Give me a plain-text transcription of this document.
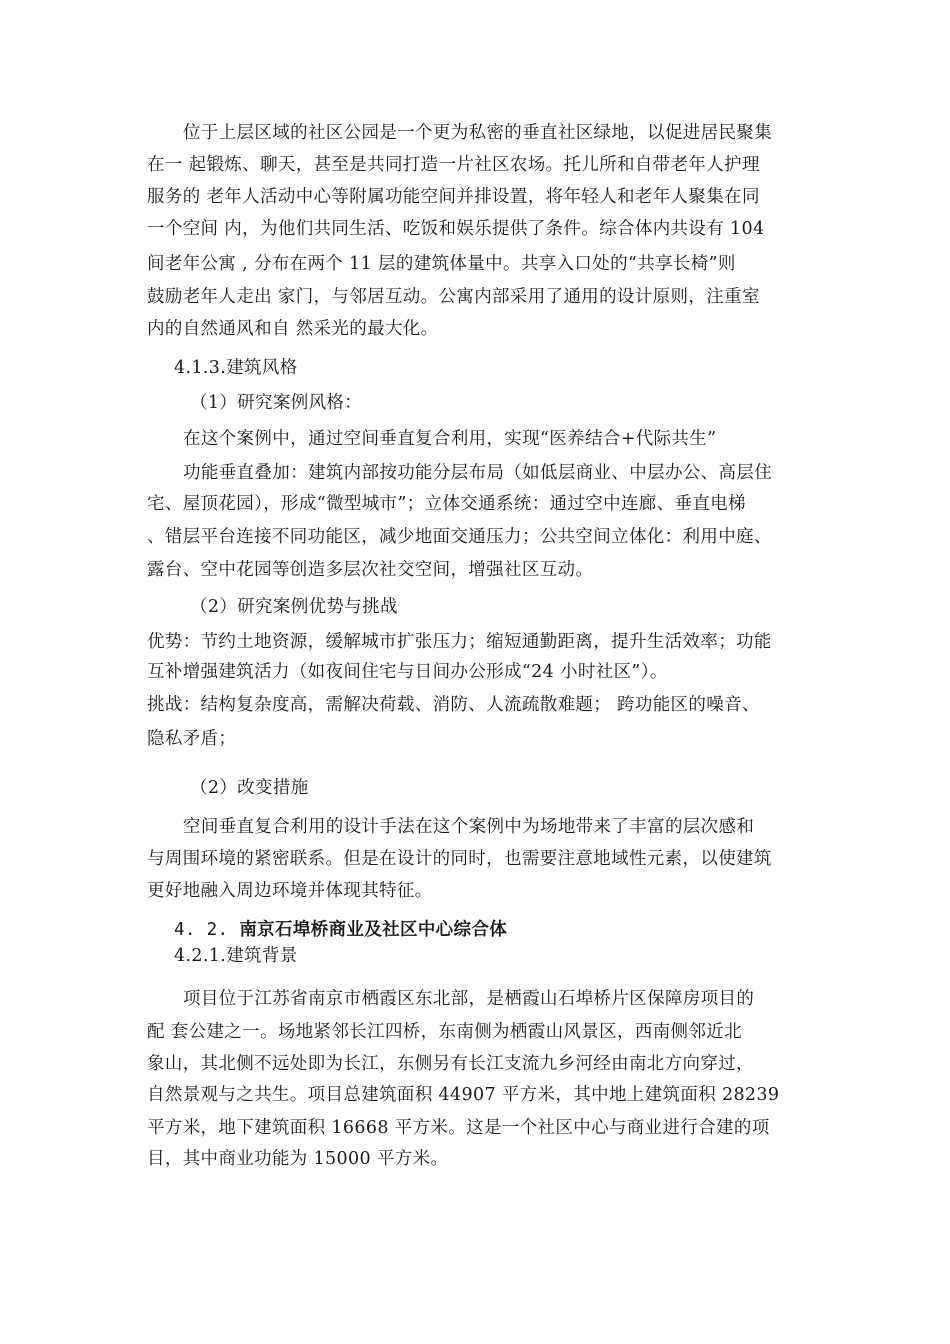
位于上层区域的社区公园是一个更为私密的垂直社区绿地，以促进居民聚集
在一 起锻炼、聊天，甚至是共同打造一片社区农场。托儿所和自带老年人护理
服务的 老年人活动中心等附属功能空间并排设置，将年轻人和老年人聚集在同
一个空间 内，为他们共同生活、吃饭和娱乐提供了条件。综合体内共设有 104
间老年公寓 , 分布在两个 11 层的建筑体量中。共享入口处的“共享长椅”则
鼓励老年人走出 家门，与邻居互动。公寓内部采用了通用的设计原则，注重室
内的自然通风和自 然采光的最大化。
4.1.3.建筑风格
（1）研究案例风格：
在这个案例中，通过空间垂直复合利用，实现“医养结合+代际共生”
功能垂直叠加：建筑内部按功能分层布局（如低层商业、中层办公、高层住
宅、屋顶花园），形成“微型城市”；立体交通系统：通过空中连廊、垂直电梯
、错层平台连接不同功能区，减少地面交通压力；公共空间立体化：利用中庭、
露台、空中花园等创造多层次社交空间，增强社区互动。
（2）研究案例优势与挑战
优势：节约土地资源，缓解城市扩张压力；缩短通勤距离，提升生活效率；功能
互补增强建筑活力（如夜间住宅与日间办公形成“24 小时社区”）。
挑战：结构复杂度高，需解决荷载、消防、人流疏散难题； 跨功能区的噪音、
隐私矛盾；
（2）改变措施
空间垂直复合利用的设计手法在这个案例中为场地带来了丰富的层次感和
与周围环境的紧密联系。但是在设计的同时，也需要注意地域性元素，以使建筑
更好地融入周边环境并体现其特征。
4. 2. 南京石埠桥商业及社区中心综合体
4.2.1.建筑背景
项目位于江苏省南京市栖霞区东北部，是栖霞山石埠桥片区保障房项目的
配 套公建之一。场地紧邻长江四桥，东南侧为栖霞山风景区，西南侧邻近北
象山，其北侧不远处即为长江，东侧另有长江支流九乡河经由南北方向穿过，
自然景观与之共生。项目总建筑面积 44907 平方米，其中地上建筑面积 28239
平方米，地下建筑面积 16668 平方米。这是一个社区中心与商业进行合建的项
目，其中商业功能为 15000 平方米。
